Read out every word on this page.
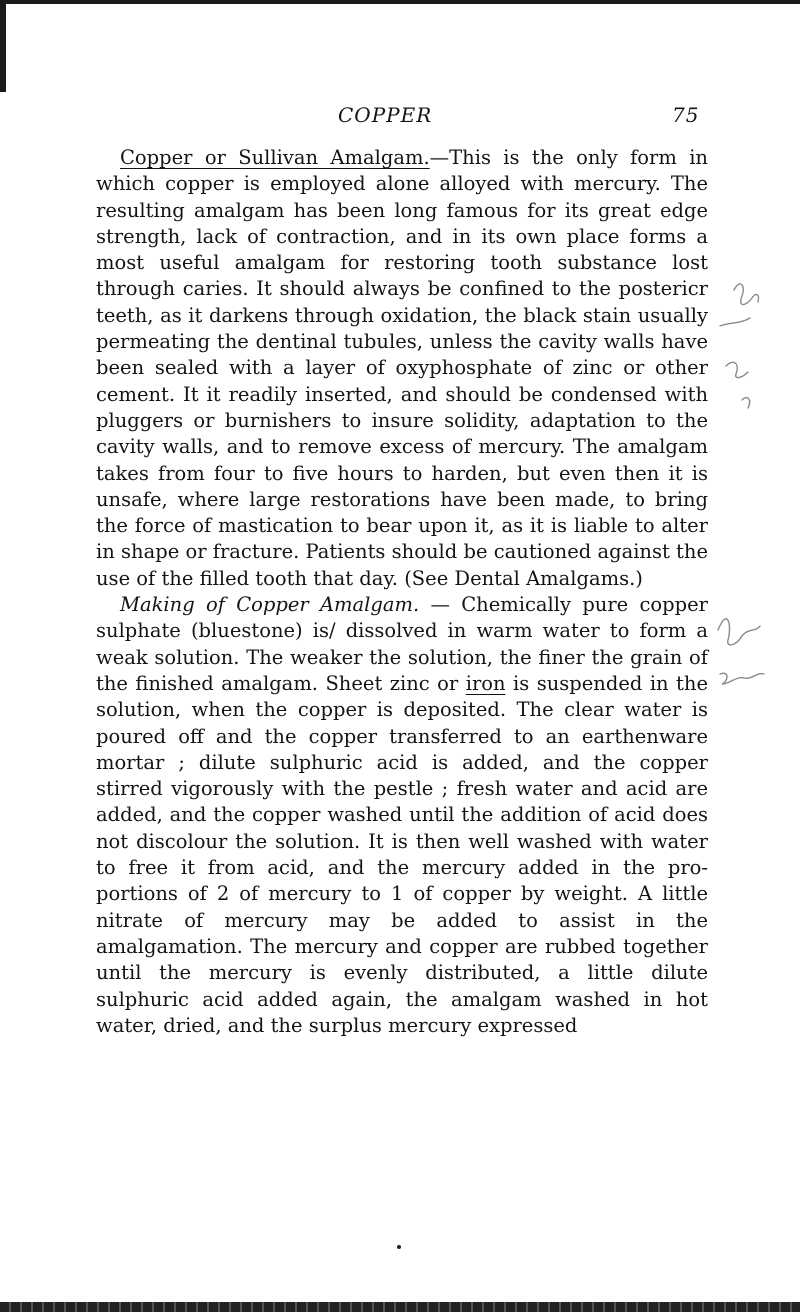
COPPER	75

Copper or Sullivan Amalgam.—This is the only form in which copper is employed alone alloyed with mercury. The resulting amalgam has been long famous for its great edge strength, lack of contraction, and in its own place forms a most useful amalgam for restoring tooth substance lost through caries. It should always be confined to the postericr teeth, as it darkens through oxidation, the black stain usually permeating the dentinal tubules, unless the cavity walls have been sealed with a layer of oxyphosphate of zinc or other cement. It it readily inserted, and should be condensed with pluggers or burnishers to insure solidity, adaptation to the cavity walls, and to remove excess of mercury. The amalgam takes from four to five hours to harden, but even then it is unsafe, where large restorations have been made, to bring the force of mastication to bear upon it, as it is liable to alter in shape or fracture. Patients should be cautioned against the use of the filled tooth that day. (See Dental Amalgams.)

Making of Copper Amalgam. — Chemically pure copper sulphate (bluestone) is/ dissolved in warm water to form a weak solution. The weaker the solution, the finer the grain of the finished amalgam. Sheet zinc or iron is suspended in the solution, when the copper is deposited. The clear water is poured off and the copper transferred to an earthenware mortar ; dilute sulphuric acid is added, and the copper stirred vigorously with the pestle ; fresh water and acid are added, and the copper washed until the addition of acid does not discolour the solution. It is then well washed with water to free it from acid, and the mercury added in the proportions of 2 of mercury to 1 of copper by weight. A little nitrate of mercury may be added to assist in the amalgamation. The mercury and copper are rubbed together until the mercury is evenly distributed, a little dilute sulphuric acid added again, the amalgam washed in hot water, dried, and the surplus mercury expressed
